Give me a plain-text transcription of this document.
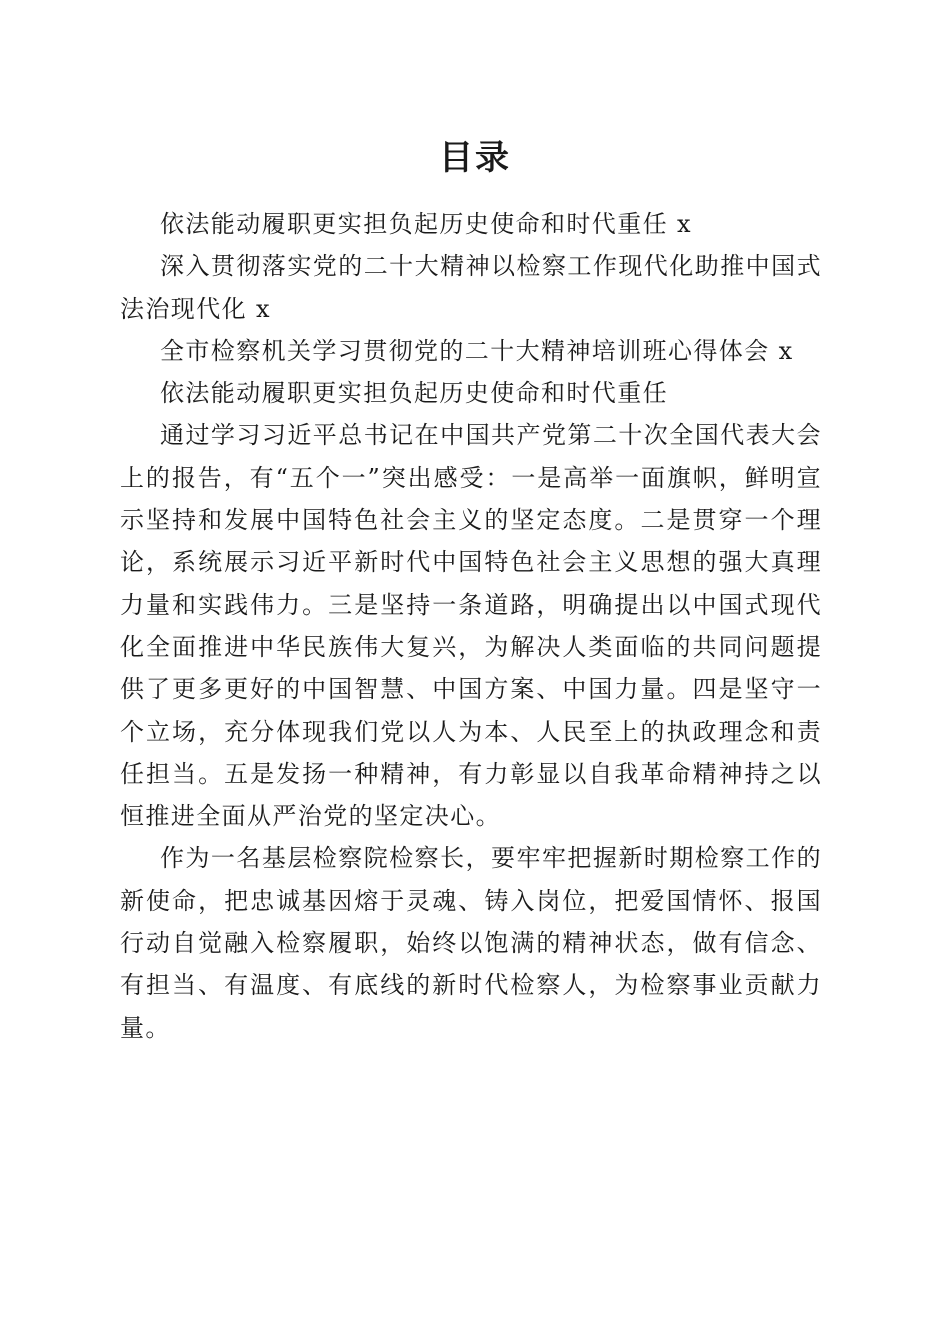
目录

依法能动履职更实担负起历史使命和时代重任 x

深入贯彻落实党的二十大精神以检察工作现代化助推中国式法治现代化 x

全市检察机关学习贯彻党的二十大精神培训班心得体会 x

依法能动履职更实担负起历史使命和时代重任

通过学习习近平总书记在中国共产党第二十次全国代表大会上的报告，有“五个一”突出感受：一是高举一面旗帜，鲜明宣示坚持和发展中国特色社会主义的坚定态度。二是贯穿一个理论，系统展示习近平新时代中国特色社会主义思想的强大真理力量和实践伟力。三是坚持一条道路，明确提出以中国式现代化全面推进中华民族伟大复兴，为解决人类面临的共同问题提供了更多更好的中国智慧、中国方案、中国力量。四是坚守一个立场，充分体现我们党以人为本、人民至上的执政理念和责任担当。五是发扬一种精神，有力彰显以自我革命精神持之以恒推进全面从严治党的坚定决心。

作为一名基层检察院检察长，要牢牢把握新时期检察工作的新使命，把忠诚基因熔于灵魂、铸入岗位，把爱国情怀、报国行动自觉融入检察履职，始终以饱满的精神状态，做有信念、有担当、有温度、有底线的新时代检察人，为检察事业贡献力量。
